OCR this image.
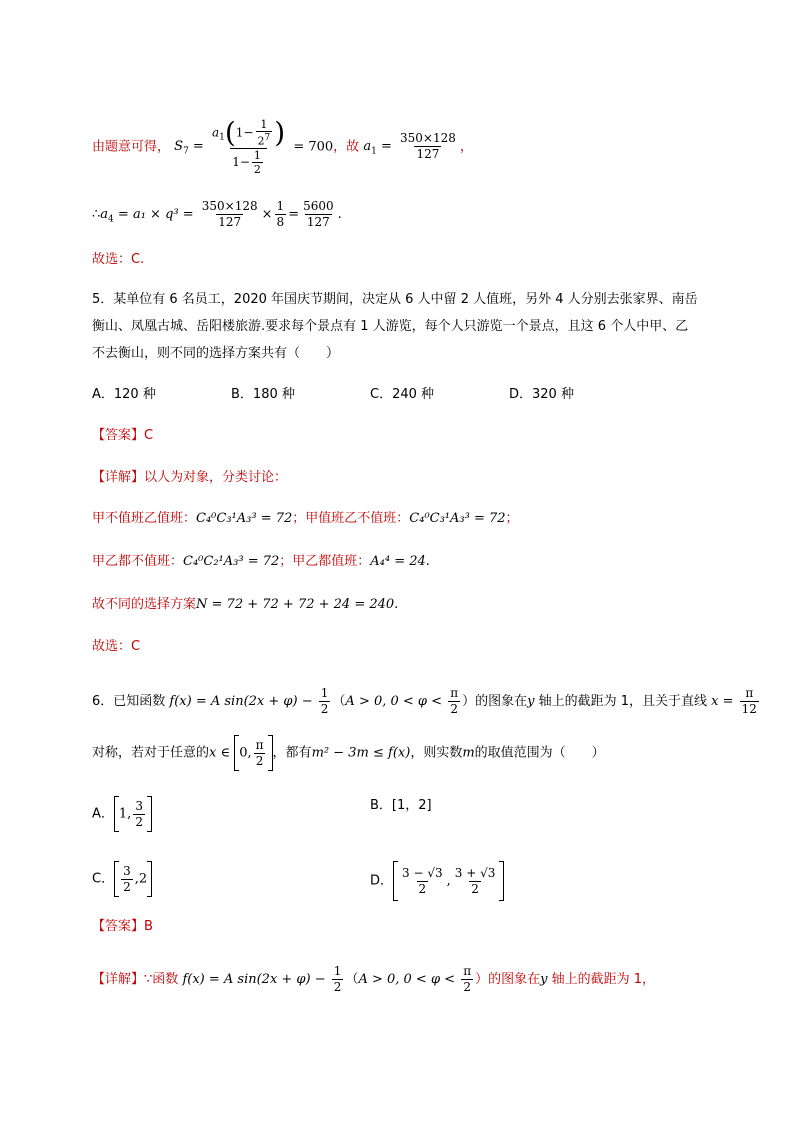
由题意可得， $S_7 = \frac{a_1(1- \frac{1}{2^7} )}{1- \frac{1}{2}} = 700$，故 $a_1 = \frac{350\times 128}{127}$ ，
$\therefore a_4 = a_1 \times q^3 = \frac{350\times 128}{127} \times \frac{1}{8} = \frac{5600}{127}$ .
故选：C.
5．某单位有 6 名员工，2020 年国庆节期间，决定从 6 人中留 2 人值班，另外 4 人分别去张家界、南岳
衡山、凤凰古城、岳阳楼旅游.要求每个景点有 1 人游览，每个人只游览一个景点，且这 6 个人中甲、乙
不去衡山，则不同的选择方案共有（　　）
A．120 种	B．180 种	C．240 种	D．320 种
【答案】C
【详解】以人为对象，分类讨论：
甲不值班乙值班：C₄⁰C₃¹A₃³ = 72；甲值班乙不值班：C₄⁰C₃¹A₃³ = 72；
甲乙都不值班：C₄⁰C₂¹A₃³ = 72；甲乙都值班：A₄⁴ = 24.
故不同的选择方案N = 72 + 72 + 72 + 24 = 240.
故选：C
6．已知函数 f(x) = A $\sin(2x + \varphi) - \frac{1}{2} (A > 0$, $0 < \varphi < \frac{\pi}{2}$ ）的图象在y 轴上的截距为 1，且关于直线 $x = \frac{\pi}{12}$
对称，若对于任意的x ∈ 0, $\frac{\pi}{2}$ ，都有m² − 3m ≤ f(x)，则实数m的取值范围为（　　）
A． 1, $\frac{3}{2}$	B．[1，2]
C． $\frac{3}{2} ,2$	D． $\frac{3 - √3}{2}$ , $\frac{3 + √3}{2}$
【答案】B
【详解】∵函数 f(x) = A $\sin(2x + \varphi) - \frac{1}{2} (A > 0$, $0 < \varphi < \frac{\pi}{2}$ ）的图象在y 轴上的截距为 1，
